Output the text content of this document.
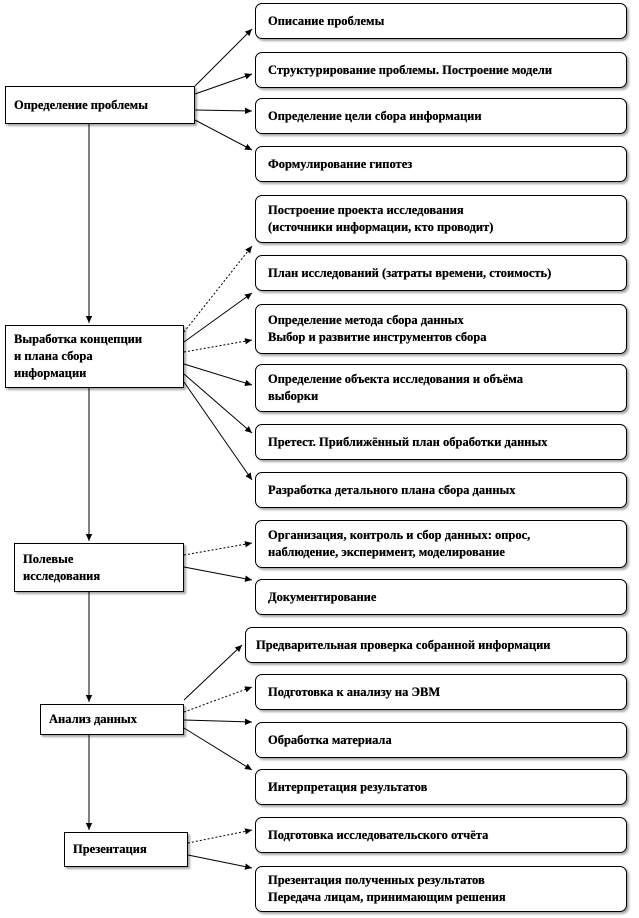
Определение проблемы
Выработка концепции
и плана сбора
информации
Полевые
исследования
Анализ данных
Презентация
Описание проблемы
Структурирование проблемы. Построение модели
Определение цели сбора информации
Формулирование гипотез
Построение проекта исследования
(источники информации, кто проводит)
План исследований (затраты времени, стоимость)
Определение метода сбора данных
Выбор и развитие инструментов сбора
Определение объекта исследования и объёма
выборки
Претест. Приближённый план обработки данных
Разработка детального плана сбора данных
Организация, контроль и сбор данных: опрос,
наблюдение, эксперимент, моделирование
Документирование
Предварительная проверка собранной информации
Подготовка к анализу на ЭВМ
Обработка материала
Интерпретация результатов
Подготовка исследовательского отчёта
Презентация полученных результатов
Передача лицам, принимающим решения
